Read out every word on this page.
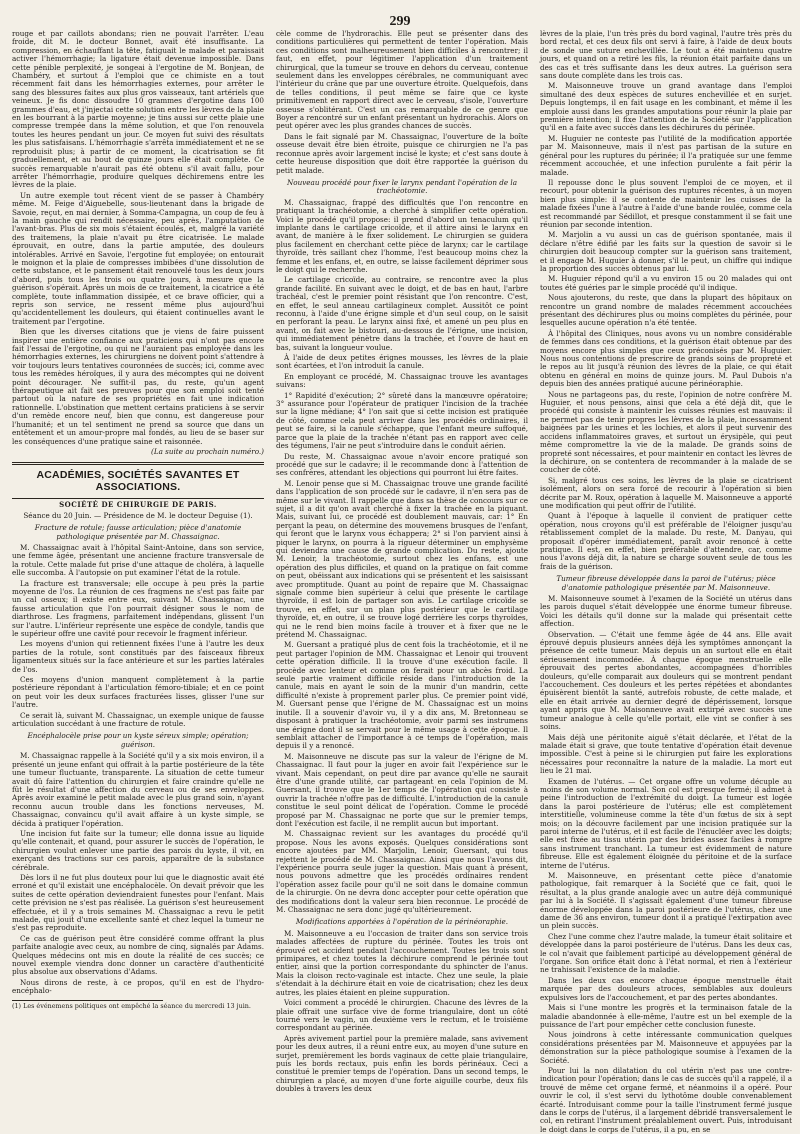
299

rouge et par caillots abondans; rien ne pouvait l'arrêter. L'eau froide, dit M. le docteur Bonnet, avait été insuffisante. La compression, en échauffant la tête, fatiguait le malade et paraissait activer l'hémorrhagie; la ligature était devenue impossible. Dans cette pénible perplexité, je songeai à l'ergotine de M. Bonjean, de Chambéry, et surtout à l'emploi que ce chimiste en a tout récemment fait dans les hémorrhagies externes, pour arrêter le sang des blessures faites aux plus gros vaisseaux, tant artériels que veineux. Je fis donc dissoudre 10 grammes d'ergotine dans 100 grammes d'eau, et j'injectai cette solution entre les lèvres de la plaie en les bourrant à la partie moyenne; je tins aussi sur cette plaie une compresse trempée dans la même solution, et que l'on renouvela toutes les heures pendant un jour. Ce moyen fut suivi des résultats les plus satisfaisans. L'hémorrhagie s'arrêta immédiatement et ne se reproduisit plus; à partir de ce moment, la cicatrisation se fit graduellement, et au bout de quinze jours elle était complète. Ce succès remarquable n'aurait pas été obtenu s'il avait fallu, pour arrêter l'hémorrhagie, produire quelques déchiremens entre les lèvres de la plaie.

Un autre exemple tout récent vient de se passer à Chambéry même. M. Feige d'Aiguebelle, sous-lieutenant dans la brigade de Savoie, reçut, en mai dernier, à Somma-Campagna, un coup de feu à la main gauche qui rendit nécessaire, peu après, l'amputation de l'avant-bras. Plus de six mois s'étaient écoulés, et, malgré la variété des traitemens, la plaie n'avait pu être cicatrisée. Le malade éprouvait, en outre, dans la partie amputée, des douleurs intolérables. Arrivé en Savoie, l'ergotine fut employée; on entourait le moignon et la plaie de compresses imbibées d'une dissolution de cette substance, et le pansement était renouvelé tous les deux jours d'abord, puis tous les trois ou quatre jours, à mesure que la guérison s'opérait. Après un mois de ce traitement, la cicatrice a été complète, toute inflammation dissipée, et ce brave officier, qui a repris son service, ne ressent même plus aujourd'hui qu'accidentellement les douleurs, qui étaient continuelles avant le traitement par l'ergotine.

Bien que les diverses citations que je viens de faire puissent inspirer une entière confiance aux praticiens qui n'ont pas encore fait l'essai de l'ergotine, ou qui ne l'auraient pas employée dans les hémorrhagies externes, les chirurgiens ne doivent point s'attendre à voir toujours leurs tentatives couronnées de succès; ici, comme avec tous les remèdes héroïques, il y aura des mécomptes qui ne doivent point décourager. Ne suffit-il pas, du reste, qu'un agent thérapeutique ait fait ses preuves pour que son emploi soit tenté partout où la nature de ses propriétés en fait une indication rationnelle. L'obstination que mettent certains praticiens à se servir d'un remède encore neuf, bien que connu, est dangereuse pour l'humanité; et un tel sentiment ne prend sa source que dans un entêtement et un amour-propre mal fondés, au lieu de se baser sur les conséquences d'une pratique saine et raisonnée.

(La suite au prochain numéro.)

ACADÉMIES, SOCIÉTÉS SAVANTES ET ASSOCIATIONS.

SOCIÉTÉ DE CHIRURGIE DE PARIS.

Séance du 20 Juin. — Présidence de M. le docteur Deguise (1).

Fracture de rotule; fausse articulation; pièce d'anatomie pathologique présentée par M. Chassaignac.

M. Chassaignac avait à l'hôpital Saint-Antoine, dans son service, une femme âgée, présentant une ancienne fracture transversale de la rotule. Cette malade fut prise d'une attaque de choléra, à laquelle elle succomba. À l'autopsie on put examiner l'état de la rotule.

La fracture est transversale; elle occupe à peu près la partie moyenne de l'os. La réunion de ces fragmens ne s'est pas faite par un cal osseux; il existe entre eux, suivant M. Chassaignac, une fausse articulation que l'on pourrait désigner sous le nom de diarthrose. Les fragmens, parfaitement indépendans, glissent l'un sur l'autre. L'inférieur représente une espèce de condyle, tandis que le supérieur offre une cavité pour recevoir le fragment inférieur.

Les moyens d'union qui retiennent fixées l'une à l'autre les deux parties de la rotule, sont constitués par des faisceaux fibreux ligamenteux situés sur la face antérieure et sur les parties latérales de l'os.

Ces moyens d'union manquent complètement à la partie postérieure répondant à l'articulation fémoro-tibiale; et en ce point on peut voir les deux surfaces fracturées lisses, glisser l'une sur l'autre.

Ce serait là, suivant M. Chassaignac, un exemple unique de fausse articulation succédant à une fracture de rotule.

Encéphalocèle prise pour un kyste séreux simple; opération; guérison.

M. Chassaignac rappelle à la Société qu'il y a six mois environ, il a présenté un jeune enfant qui offrait à la partie postérieure de la tête une tumeur fluctuante, transparente. La situation de cette tumeur avait dû faire l'attention du chirurgien et faire craindre qu'elle ne fût le résultat d'une affection du cerveau ou de ses enveloppes. Après avoir examiné le petit malade avec le plus grand soin, n'ayant reconnu aucun trouble dans les fonctions nerveuses, M. Chassaignac, convaincu qu'il avait affaire à un kyste simple, se décida à pratiquer l'opération.

Une incision fut faite sur la tumeur; elle donna issue au liquide qu'elle contenait, et quand, pour assurer le succès de l'opération, le chirurgien voulut enlever une partie des parois du kyste, il vit, en exerçant des tractions sur ces parois, apparaître de la substance cérébrale.

Dès lors il ne fut plus douteux pour lui que le diagnostic avait été erroné et qu'il existait une encéphalocèle. On devait prévoir que les suites de cette opération deviendraient funestes pour l'enfant. Mais cette prévision ne s'est pas réalisée. La guérison s'est heureusement effectuée, et il y a trois semaines M. Chassaignac a revu le petit malade, qui jouit d'une excellente santé et chez lequel la tumeur ne s'est pas reproduite.

Ce cas de guérison peut être considéré comme offrant la plus parfaite analogie avec ceux, au nombre de cinq, signalés par Adams. Quelques médecins ont mis en doute la réalité de ces succès; ce nouvel exemple viendra donc donner un caractère d'authenticité plus absolue aux observations d'Adams.

Nous dirons de reste, à ce propos, qu'il en est de l'hydro-encéphalo-

(1) Les événemens politiques ont empêché la séance du mercredi 13 juin.

cèle comme de l'hydrorachis. Elle peut se présenter dans des conditions particulières qui permettent de tenter l'opération. Mais ces conditions sont malheureusement bien difficiles à rencontrer; il faut, en effet, pour légitimer l'application d'un traitement chirurgical, que la tumeur se trouve en dehors du cerveau, contenue seulement dans les enveloppes cérébrales, ne communiquant avec l'intérieur du crâne que par une ouverture étroite. Quelquefois, dans de telles conditions, il peut même se faire que ce kyste primitivement en rapport direct avec le cerveau, s'isole, l'ouverture osseuse s'oblitérant. C'est un cas remarquable de ce genre que Boyer a rencontré sur un enfant présentant un hydrorachis. Alors on peut opérer avec les plus grandes chances de succès.

Dans le fait signalé par M. Chassaignac, l'ouverture de la boîte osseuse devait être bien étroite, puisque ce chirurgien ne l'a pas reconnue après avoir largement incisé le kyste; et c'est sans doute à cette heureuse disposition que doit être rapportée la guérison du petit malade.

Nouveau procédé pour fixer le larynx pendant l'opération de la trachéotomie.

M. Chassaignac, frappé des difficultés que l'on rencontre en pratiquant la trachéotomie, a cherché à simplifier cette opération. Voici le procédé qu'il propose: il prend d'abord un tenaculum qu'il implante dans le cartilage cricoïde, et il attire ainsi le larynx en avant, de manière à le fixer solidement. Le chirurgien se guidera plus facilement en cherchant cette pièce de larynx; car le cartilage thyroïde, très saillant chez l'homme, l'est beaucoup moins chez la femme et les enfans, et, en outre, se laisse facilement déprimer sous le doigt qui le recherche.

Le cartilage cricoïde, au contraire, se rencontre avec la plus grande facilité. En suivant avec le doigt, et de bas en haut, l'arbre trachéal, c'est le premier point résistant que l'on rencontre. C'est, en effet, le seul anneau cartilagineux complet. Aussitôt ce point reconnu, à l'aide d'une érigne simple et d'un seul coup, on le saisit en perforant la peau. Le larynx ainsi fixé, et amené un peu plus en avant, on fait avec le bistouri, au-dessous de l'érigne, une incision, qui immédiatement pénètre dans la trachée, et l'ouvre de haut en bas, suivant la longueur voulue.

À l'aide de deux petites érignes mousses, les lèvres de la plaie sont écartées, et l'on introduit la canule.

En employant ce procédé, M. Chassaignac trouve les avantages suivans:

1° Rapidité d'exécution; 2° sûreté dans la manœuvre opératoire; 3° assurance pour l'opérateur de pratiquer l'incision de la trachée sur la ligne médiane; 4° l'on sait que si cette incision est pratiquée de côté, comme cela peut arriver dans les procédés ordinaires, il peut se faire, si la canule s'échappe, que l'enfant meure suffoqué, parce que la plaie de la trachée n'étant pas en rapport avec celle des tégumens, l'air ne peut s'introduire dans le conduit aérien.

Du reste, M. Chassaignac avoue n'avoir encore pratiqué son procédé que sur le cadavre; il le recommande donc à l'attention de ses confrères, attendant les objections qui pourront lui être faites.

M. Lenoir pense que si M. Chassaignac trouve une grande facilité dans l'application de son procédé sur le cadavre, il n'en sera pas de même sur le vivant. Il rappelle que dans sa thèse de concours sur ce sujet, il a dit qu'on avait cherché à fixer la trachée en la piquant. Mais, suivant lui, ce procédé est doublement mauvais, car: 1° En perçant la peau, on détermine des mouvemens brusques de l'enfant, qui feront que le larynx vous échappera; 2° si l'on parvient ainsi à piquer le larynx, on pourra à la rigueur déterminer un emphysème qui deviendra une cause de grande complication. Du reste, ajoute M. Lenoir, la trachéotomie, surtout chez les enfans, est une opération des plus difficiles, et quand on la pratique on fait comme on peut, obéissant aux indications qui se présentent et les saisissant avec promptitude. Quant au point de repaire que M. Chassaignac signale comme bien supérieur à celui que présente le cartilage thyroïde, il est loin de partager son avis. Le cartilage cricoïde se trouve, en effet, sur un plan plus postérieur que le cartilage thyroïde, et, en outre, il se trouve logé derrière les corps thyroïdes, qui ne le rend bien moins facile à trouver et à fixer que ne le prétend M. Chassaignac.

M. Guersant a pratiqué plus de cent fois la trachéotomie, et il ne peut partager l'opinion de MM. Chassaignac et Lenoir qui trouvent cette opération difficile. Il la trouve d'une exécution facile. Il procède avec lenteur et comme on ferait pour un abcès froid. La seule partie vraiment difficile réside dans l'introduction de la canule, mais en ayant le soin de la munir d'un mandrin, cette difficulté n'existe à proprement parler plus. Ce premier point vidé, M. Guersant pense que l'érigne de M. Chassaignac est un moins inutile. Il a souvenir d'avoir vu, il y a dix ans, M. Bretonneau se disposant à pratiquer la trachéotomie, avoir parmi ses instrumens une érigne dont il se servait pour le même usage à cette époque. Il semblait attacher de l'importance à ce temps de l'opération, mais depuis il y a renoncé.

M. Maisonneuve ne discute pas sur la valeur de l'érigne de M. Chassaignac. Il faut pour la juger en avoir fait l'expérience sur le vivant. Mais cependant, on peut dire par avance qu'elle ne saurait être d'une grande utilité, car partageant en cela l'opinion de M. Guersant, il trouve que le 1er temps de l'opération qui consiste à ouvrir la trachée n'offre pas de difficulté. L'introduction de la canule constitue le seul point délicat de l'opération. Comme le procédé proposé par M. Chassaignac ne porte que sur le premier temps, dont l'exécution est facile, il ne remplit aucun but important.

M. Chassaignac revient sur les avantages du procédé qu'il propose. Nous les avons exposés. Quelques considérations sont encore ajoutées par MM. Marjolin, Lenoir, Guersant, qui tous rejettent le procédé de M. Chassaignac. Ainsi que nous l'avons dit, l'expérience pourra seule juger la question. Mais quant à présent, nous pouvons admettre que les procédés ordinaires rendent l'opération assez facile pour qu'il ne soit dans le domaine commun de la chirurgie. On ne devra donc accepter pour cette opération que des modifications dont la valeur sera bien reconnue. Le procédé de M. Chassaignac ne sera donc jugé qu'ultérieurement.

Modifications apportées à l'opération de la périnéoraphie.

M. Maisonneuve a eu l'occasion de traiter dans son service trois malades affectées de rupture du périnée. Toutes les trois ont éprouvé cet accident pendant l'accouchement. Toutes les trois sont primipares, et chez toutes la déchirure comprend le périnée tout entier, ainsi que la portion correspondante du sphincter de l'anus. Mais la cloison recto-vaginale est intacte. Chez une seule, la plaie s'étendait à la déchirure était en voie de cicatrisation; chez les deux autres, les plaies étaient en pleine suppuration.

Voici comment a procédé le chirurgien. Chacune des lèvres de la plaie offrait une surface vive de forme triangulaire, dont un côté tourné vers le vagin, un deuxième vers le rectum, et le troisième correspondant au périnée.

Après avivement partiel pour la première malade, sans avivement pour les deux autres, il a réuni entre eux, au moyen d'une suture en surjet, premièrement les bords vaginaux de cette plaie triangulaire, puis les bords rectaux, puis enfin les bords périnéaux. Ceci a constitué le premier temps de l'opération. Dans un second temps, le chirurgien a placé, au moyen d'une forte aiguille courbe, deux fils doubles à travers les deux

lèvres de la plaie, l'un très près du bord vaginal, l'autre très près du bord rectal, et ces deux fils ont servi à faire, à l'aide de deux bouts de sonde une suture enchevillée. Le tout a été maintenu quatre jours, et quand on a retiré les fils, la réunion était parfaite dans un des cas et très suffisante dans les deux autres. La guérison sera sans doute complète dans les trois cas.

M. Maisonneuve trouve un grand avantage dans l'emploi simultané des deux espèces de sutures enchevillée et en surjet. Depuis longtemps, il en fait usage en les combinant, et même il les emploie aussi dans les grandes amputations pour réunir la plaie par première intention; il fixe l'attention de la Société sur l'application qu'il en a faite avec succès dans les déchirures du périnée.

M. Huguier ne conteste pas l'utilité de la modification apportée par M. Maisonneuve, mais il n'est pas partisan de la suture en général pour les ruptures du périnée; il l'a pratiquée sur une femme récemment accouchée, et une infection purulente a fait périr la malade.

Il repousse donc le plus souvent l'emploi de ce moyen, et il recourt, pour obtenir la guérison des ruptures récentes, à un moyen bien plus simple: il se contente de maintenir les cuisses de la malade fixées l'une à l'autre à l'aide d'une bande roulée, comme cela est recommandé par Sédillot, et presque constamment il se fait une réunion par seconde intention.

M. Marjolin a vu aussi un cas de guérison spontanée, mais il déclare n'être édifié par les faits sur la question de savoir si le chirurgien doit beaucoup compter sur la guérison sans traitement, et il engage M. Huguier à donner, s'il le peut, un chiffre qui indique la proportion des succès obtenus par lui.

M. Huguier répond qu'il a vu environ 15 ou 20 malades qui ont toutes été guéries par le simple procédé qu'il indique.

Nous ajouterons, du reste, que dans la plupart des hôpitaux on rencontre un grand nombre de malades récemment accouchées présentant des déchirures plus ou moins complètes du périnée, pour lesquelles aucune opération n'a été tentée.

À l'hôpital des Cliniques, nous avons vu un nombre considérable de femmes dans ces conditions, et la guérison était obtenue par des moyens encore plus simples que ceux préconisés par M. Huguier. Nous nous contentions de prescrire de grands soins de propreté et le repos au lit jusqu'à réunion des lèvres de la plaie, ce qui était obtenu en général en moins de quinze jours. M. Paul Dubois n'a depuis bien des années pratiqué aucune périnéoraphie.

Nous ne partageons pas, du reste, l'opinion de notre confrère M. Huguier, et nous pensons, ainsi que cela a été déjà dit, que le procédé qui consiste à maintenir les cuisses réunies est mauvais: il ne permet pas de tenir propres les lèvres de la plaie, incessamment baignées par les urines et les lochies, et alors il peut survenir des accidens inflammatoires graves, et surtout un érysipèle, qui peut même compromettre la vie de la malade. De grands soins de propreté sont nécessaires, et pour maintenir en contact les lèvres de la déchirure, on se contentera de recommander à la malade de se coucher de côté.

Si, malgré tous ces soins, les lèvres de la plaie se cicatrisent isolément, alors on sera forcé de recourir à l'opération si bien décrite par M. Roux, opération à laquelle M. Maisonneuve a apporté une modification qui peut offrir de l'utilité.

Quant à l'époque à laquelle il convient de pratiquer cette opération, nous croyons qu'il est préférable de l'éloigner jusqu'au rétablissement complet de la malade. Du reste, M. Danyau, qui proposait d'opérer immédiatement, paraît avoir renoncé à cette pratique. Il est, en effet, bien préférable d'attendre, car, comme nous l'avons déjà dit, la nature se charge souvent seule de tous les frais de la guérison.

Tumeur fibreuse développée dans la paroi de l'utérus; pièce d'anatomie pathologique présentée par M. Maisonneuve.

M. Maisonneuve soumet à l'examen de la Société un utérus dans les parois duquel s'était développée une énorme tumeur fibreuse. Voici les détails qu'il donne sur la malade qui présentait cette affection.

Observation. — C'était une femme âgée de 44 ans. Elle avait éprouvé depuis plusieurs années déjà les symptômes annonçant la présence de cette tumeur. Mais depuis un an surtout elle en était sérieusement incommodée. À chaque époque menstruelle elle éprouvait des pertes abondantes, accompagnées d'horribles douleurs, qu'elle comparait aux douleurs qui se montrent pendant l'accouchement. Ces douleurs et les pertes répétées et abondantes épuisèrent bientôt la santé, autrefois robuste, de cette malade, et elle en était arrivée au dernier degré de dépérissement, lorsque ayant appris que M. Maisonneuve avait extirpé avec succès une tumeur analogue à celle qu'elle portait, elle vint se confier à ses soins.

Mais déjà une péritonite aiguë s'était déclarée, et l'état de la malade était si grave, que toute tentative d'opération était devenue impossible. C'est à peine si le chirurgien put faire les explorations nécessaires pour reconnaître la nature de la maladie. La mort eut lieu le 21 mai.

Examen de l'utérus. — Cet organe offre un volume décuple au moins de son volume normal. Son col est presque fermé; il admet à peine l'introduction de l'extrémité du doigt. La tumeur est logée dans la paroi postérieure de l'utérus; elle est complètement interstitielle, volumineuse comme la tête d'un fœtus de six à sept mois; on la découvre facilement par une incision pratiquée sur la paroi interne de l'utérus, et il est facile de l'énucléer avec les doigts; elle est fixée au tissu utérin par des brides assez faciles à rompre sans instrument tranchant. La tumeur est évidemment de nature fibreuse. Elle est également éloignée du péritoine et de la surface interne de l'utérus.

M. Maisonneuve, en présentant cette pièce d'anatomie pathologique, fait remarquer à la Société que ce fait, quoi le résultat, a la plus grande analogie avec un autre déjà communiqué par lui à la Société. Il s'agissait également d'une tumeur fibreuse énorme développée dans la paroi postérieure de l'utérus, chez une dame de 36 ans environ, tumeur dont il a pratiqué l'extirpation avec un plein succès.

Chez l'une comme chez l'autre malade, la tumeur était solitaire et développée dans la paroi postérieure de l'utérus. Dans les deux cas, le col n'avait que faiblement participé au développement général de l'organe. Son orifice était donc à l'état normal, et rien à l'extérieur ne trahissait l'existence de la maladie.

Dans les deux cas encore chaque époque menstruelle était marquée par des douleurs atroces, semblables aux douleurs expulsives lors de l'accouchement, et par des pertes abondantes.

Mais si l'une montre les progrès et la terminaison fatale de la maladie abandonnée à elle-même, l'autre est un bel exemple de la puissance de l'art pour empêcher cette conclusion funeste.

Nous joindrons à cette intéressante communication quelques considérations présentées par M. Maisonneuve et appuyées par la démonstration sur la pièce pathologique soumise à l'examen de la Société.

Pour lui la non dilatation du col utérin n'est pas une contre-indication pour l'opération; dans le cas de succès qu'il a rappelé, il a trouvé de même cet organe fermé, et néanmoins il a opéré. Pour ouvrir le col, il s'est servi du lythotôme double convenablement écarté. Introduisant comme pour la taille l'instrument fermé jusque dans le corps de l'utérus, il a largement débridé transversalement le col, en retirant l'instrument préalablement ouvert. Puis, introduisant le doigt dans le corps de l'utérus, il a pu, en se
